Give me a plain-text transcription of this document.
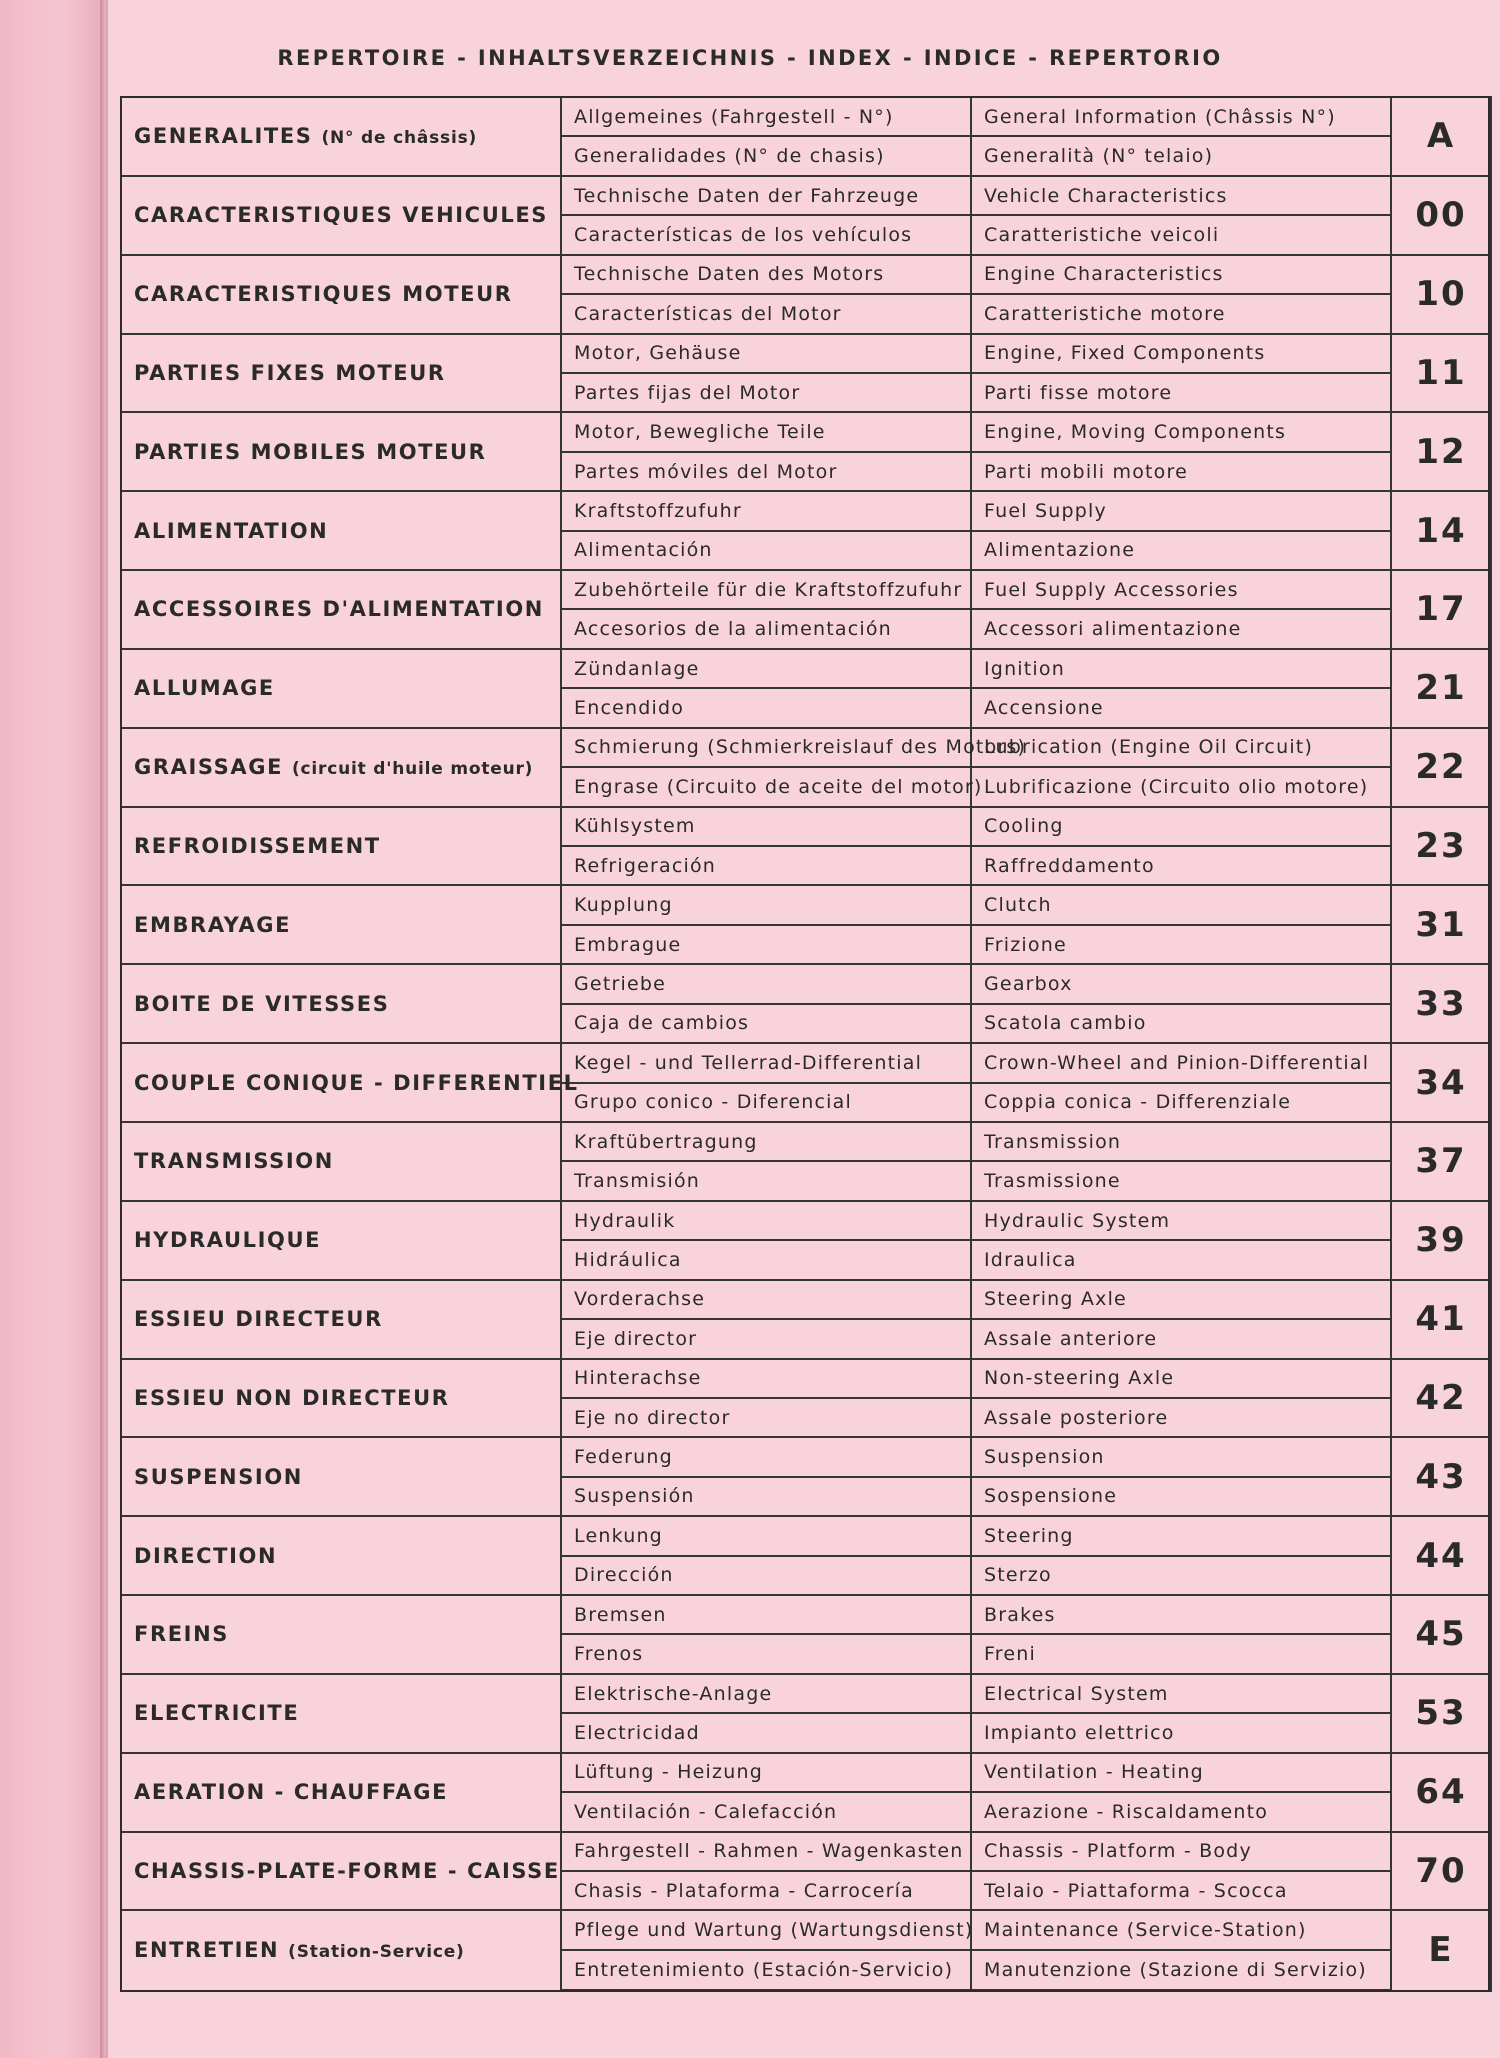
REPERTOIRE - INHALTSVERZEICHNIS - INDEX - INDICE - REPERTORIO
GENERALITES (N° de châssis)	Allgemeines (Fahrgestell - N°)	General Information (Châssis N°)	A
	Generalidades (N° de chasis)	Generalità (N° telaio)	
CARACTERISTIQUES VEHICULES	Technische Daten der Fahrzeuge	Vehicle Characteristics	00
	Características de los vehículos	Caratteristiche veicoli	
CARACTERISTIQUES MOTEUR	Technische Daten des Motors	Engine Characteristics	10
	Características del Motor	Caratteristiche motore	
PARTIES FIXES MOTEUR	Motor, Gehäuse	Engine, Fixed Components	11
	Partes fijas del Motor	Parti fisse motore	
PARTIES MOBILES MOTEUR	Motor, Bewegliche Teile	Engine, Moving Components	12
	Partes móviles del Motor	Parti mobili motore	
ALIMENTATION	Kraftstoffzufuhr	Fuel Supply	14
	Alimentación	Alimentazione	
ACCESSOIRES D'ALIMENTATION	Zubehörteile für die Kraftstoffzufuhr	Fuel Supply Accessories	17
	Accesorios de la alimentación	Accessori alimentazione	
ALLUMAGE	Zündanlage	Ignition	21
	Encendido	Accensione	
GRAISSAGE (circuit d'huile moteur)	Schmierung (Schmierkreislauf des Motors)	Lubrication (Engine Oil Circuit)	22
	Engrase (Circuito de aceite del motor)	Lubrificazione (Circuito olio motore)	
REFROIDISSEMENT	Kühlsystem	Cooling	23
	Refrigeración	Raffreddamento	
EMBRAYAGE	Kupplung	Clutch	31
	Embrague	Frizione	
BOITE DE VITESSES	Getriebe	Gearbox	33
	Caja de cambios	Scatola cambio	
COUPLE CONIQUE - DIFFERENTIEL	Kegel - und Tellerrad-Differential	Crown-Wheel and Pinion-Differential	34
	Grupo conico - Diferencial	Coppia conica - Differenziale	
TRANSMISSION	Kraftübertragung	Transmission	37
	Transmisión	Trasmissione	
HYDRAULIQUE	Hydraulik	Hydraulic System	39
	Hidráulica	Idraulica	
ESSIEU DIRECTEUR	Vorderachse	Steering Axle	41
	Eje director	Assale anteriore	
ESSIEU NON DIRECTEUR	Hinterachse	Non-steering Axle	42
	Eje no director	Assale posteriore	
SUSPENSION	Federung	Suspension	43
	Suspensión	Sospensione	
DIRECTION	Lenkung	Steering	44
	Dirección	Sterzo	
FREINS	Bremsen	Brakes	45
	Frenos	Freni	
ELECTRICITE	Elektrische-Anlage	Electrical System	53
	Electricidad	Impianto elettrico	
AERATION - CHAUFFAGE	Lüftung - Heizung	Ventilation - Heating	64
	Ventilación - Calefacción	Aerazione - Riscaldamento	
CHASSIS-PLATE-FORME - CAISSE	Fahrgestell - Rahmen - Wagenkasten	Chassis - Platform - Body	70
	Chasis - Plataforma - Carrocería	Telaio - Piattaforma - Scocca	
ENTRETIEN (Station-Service)	Pflege und Wartung (Wartungsdienst)	Maintenance (Service-Station)	E
	Entretenimiento (Estación-Servicio)	Manutenzione (Stazione di Servizio)	
